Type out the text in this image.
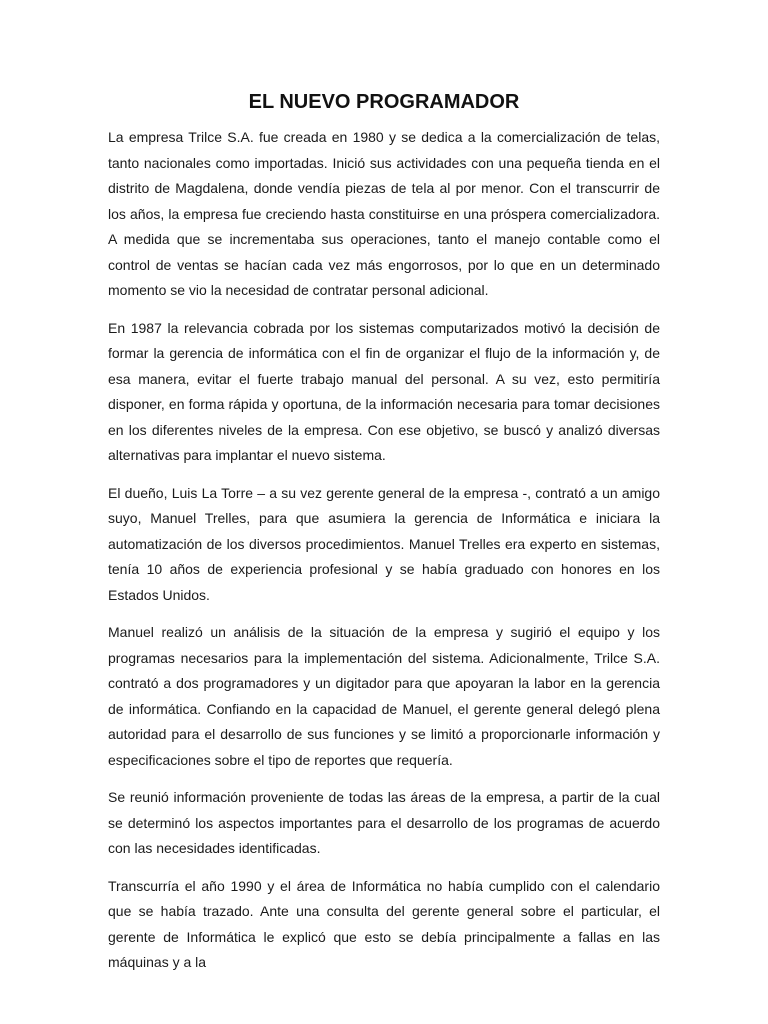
EL NUEVO PROGRAMADOR

La empresa Trilce S.A. fue creada en 1980 y se dedica a la comercialización de telas, tanto nacionales como importadas. Inició sus actividades con una pequeña tienda en el distrito de Magdalena, donde vendía piezas de tela al por menor. Con el transcurrir de los años, la empresa fue creciendo hasta constituirse en una próspera comercializadora. A medida que se incrementaba sus operaciones, tanto el manejo contable como el control de ventas se hacían cada vez más engorrosos, por lo que en un determinado momento se vio la necesidad de contratar personal adicional.

En 1987 la relevancia cobrada por los sistemas computarizados motivó la decisión de formar la gerencia de informática con el fin de organizar el flujo de la información y, de esa manera, evitar el fuerte trabajo manual del personal. A su vez, esto permitiría disponer, en forma rápida y oportuna, de la información necesaria para tomar decisiones en los diferentes niveles de la empresa. Con ese objetivo, se buscó y analizó diversas alternativas para implantar el nuevo sistema.

El dueño, Luis La Torre – a su vez gerente general de la empresa -, contrató a un amigo suyo, Manuel Trelles, para que asumiera la gerencia de Informática e iniciara la automatización de los diversos procedimientos. Manuel Trelles era experto en sistemas, tenía 10 años de experiencia profesional y se había graduado con honores en los Estados Unidos.

Manuel realizó un análisis de la situación de la empresa y sugirió el equipo y los programas necesarios para la implementación del sistema. Adicionalmente, Trilce S.A. contrató a dos programadores y un digitador para que apoyaran la labor en la gerencia de informática. Confiando en la capacidad de Manuel, el gerente general delegó plena autoridad para el desarrollo de sus funciones y se limitó a proporcionarle información y especificaciones sobre el tipo de reportes que requería.

Se reunió información proveniente de todas las áreas de la empresa, a partir de la cual se determinó los aspectos importantes para el desarrollo de los programas de acuerdo con las necesidades identificadas.

Transcurría el año 1990 y el área de Informática no había cumplido con el calendario que se había trazado. Ante una consulta del gerente general sobre el particular, el gerente de Informática le explicó que esto se debía principalmente a fallas en las máquinas y a la
